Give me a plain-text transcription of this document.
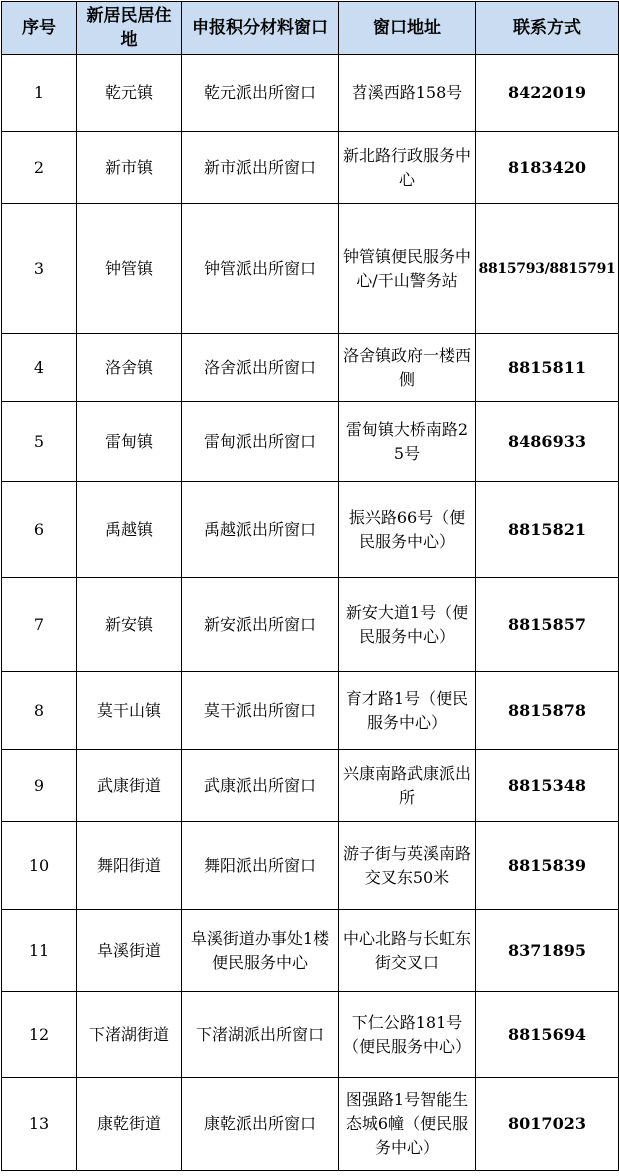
序号	新居民居住地	申报积分材料窗口	窗口地址	联系方式
1	乾元镇	乾元派出所窗口	苕溪西路158号	8422019
2	新市镇	新市派出所窗口	新北路行政服务中心	8183420
3	钟管镇	钟管派出所窗口	钟管镇便民服务中心/干山警务站	8815793/8815791
4	洛舍镇	洛舍派出所窗口	洛舍镇政府一楼西侧	8815811
5	雷甸镇	雷甸派出所窗口	雷甸镇大桥南路25号	8486933
6	禹越镇	禹越派出所窗口	振兴路66号（便民服务中心）	8815821
7	新安镇	新安派出所窗口	新安大道1号（便民服务中心）	8815857
8	莫干山镇	莫干派出所窗口	育才路1号（便民服务中心）	8815878
9	武康街道	武康派出所窗口	兴康南路武康派出所	8815348
10	舞阳街道	舞阳派出所窗口	游子街与英溪南路交叉东50米	8815839
11	阜溪街道	阜溪街道办事处1楼便民服务中心	中心北路与长虹东街交叉口	8371895
12	下渚湖街道	下渚湖派出所窗口	下仁公路181号（便民服务中心）	8815694
13	康乾街道	康乾派出所窗口	图强路1号智能生态城6幢（便民服务中心）	8017023
